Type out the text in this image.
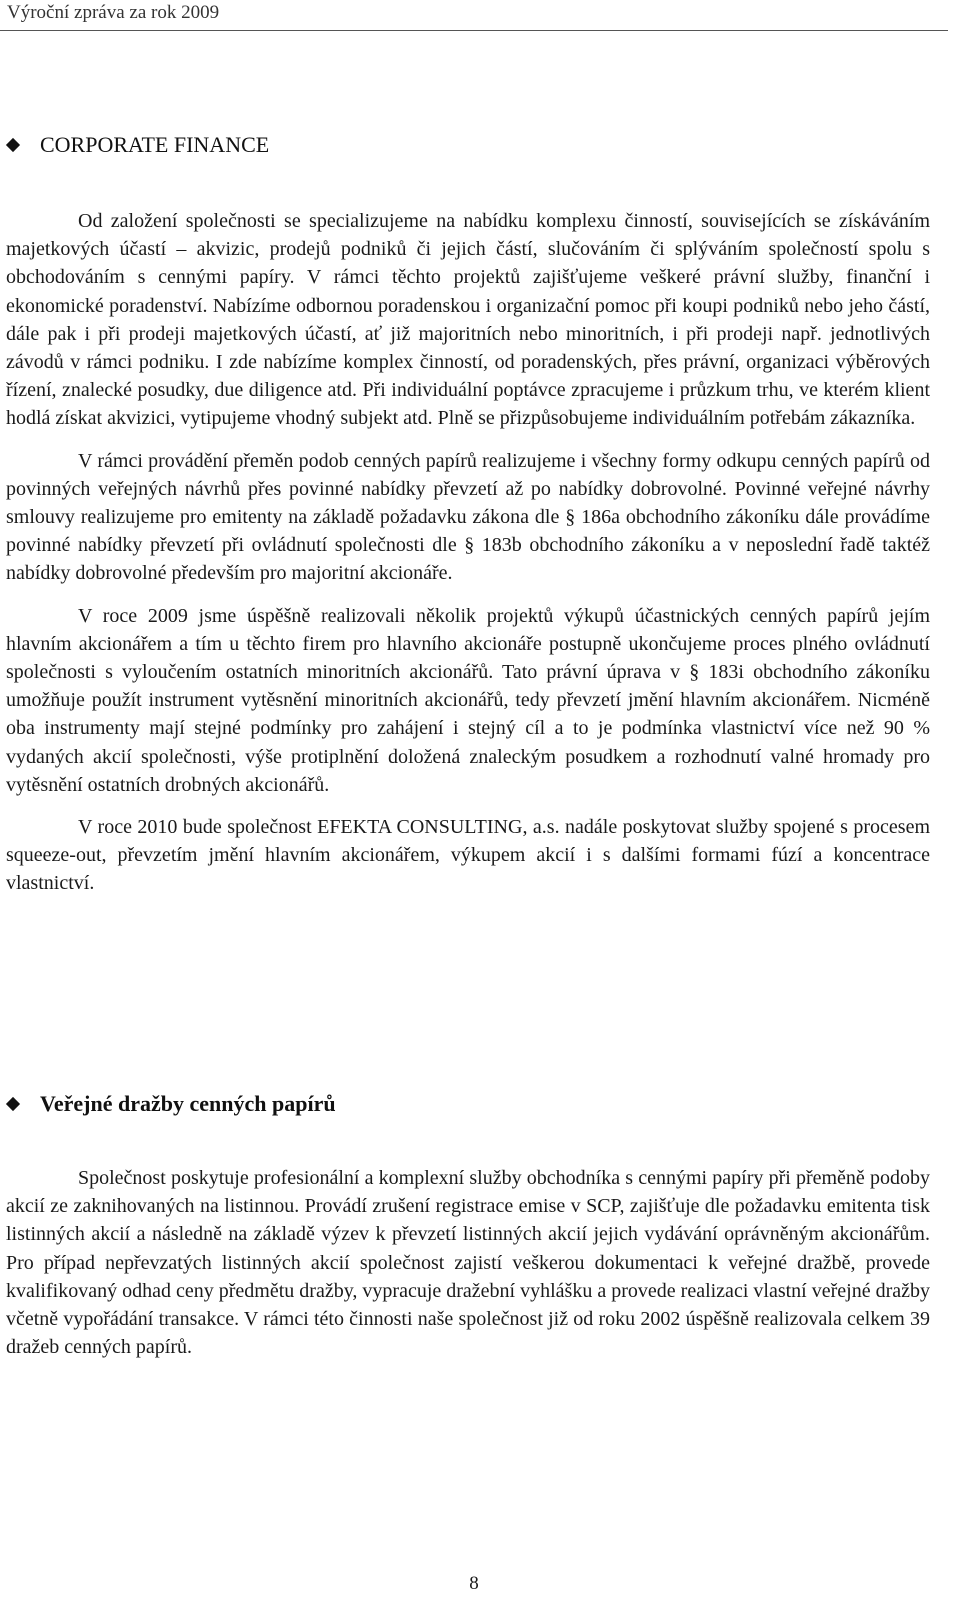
Výroční zpráva za rok 2009
CORPORATE FINANCE

Od založení společnosti se specializujeme na nabídku komplexu činností, souvisejících se získáváním majetkových účastí – akvizic, prodejů podniků či jejich částí, slučováním či splýváním společností spolu s obchodováním s cennými papíry. V rámci těchto projektů zajišťujeme veškeré právní služby, finanční i ekonomické poradenství. Nabízíme odbornou poradenskou i organizační pomoc při koupi podniků nebo jeho částí, dále pak i při prodeji majetkových účastí, ať již majoritních nebo minoritních, i při prodeji např. jednotlivých závodů v rámci podniku. I zde nabízíme komplex činností, od poradenských, přes právní, organizaci výběrových řízení, znalecké posudky, due diligence atd. Při individuální poptávce zpracujeme i průzkum trhu, ve kterém klient hodlá získat akvizici, vytipujeme vhodný subjekt atd. Plně se přizpůsobujeme individuálním potřebám zákazníka.

V rámci provádění přeměn podob cenných papírů realizujeme i všechny formy odkupu cenných papírů od povinných veřejných návrhů přes povinné nabídky převzetí až po nabídky dobrovolné. Povinné veřejné návrhy smlouvy realizujeme pro emitenty na základě požadavku zákona dle § 186a obchodního zákoníku dále provádíme povinné nabídky převzetí při ovládnutí společnosti dle § 183b obchodního zákoníku a v neposlední řadě taktéž nabídky dobrovolné především pro majoritní akcionáře.

V roce 2009 jsme úspěšně realizovali několik projektů výkupů účastnických cenných papírů jejím hlavním akcionářem a tím u těchto firem pro hlavního akcionáře postupně ukončujeme proces plného ovládnutí společnosti s vyloučením ostatních minoritních akcionářů. Tato právní úprava v § 183i obchodního zákoníku umožňuje použít instrument vytěsnění minoritních akcionářů, tedy převzetí jmění hlavním akcionářem. Nicméně oba instrumenty mají stejné podmínky pro zahájení i stejný cíl a to je podmínka vlastnictví více než 90 % vydaných akcií společnosti, výše protiplnění doložená znaleckým posudkem a rozhodnutí valné hromady pro vytěsnění ostatních drobných akcionářů.

V roce 2010 bude společnost EFEKTA CONSULTING, a.s. nadále poskytovat služby spojené s procesem squeeze-out, převzetím jmění hlavním akcionářem, výkupem akcií i s dalšími formami fúzí a koncentrace vlastnictví.

Veřejné dražby cenných papírů

Společnost poskytuje profesionální a komplexní služby obchodníka s cennými papíry při přeměně podoby akcií ze zaknihovaných na listinnou. Provádí zrušení registrace emise v SCP, zajišťuje dle požadavku emitenta tisk listinných akcií a následně na základě výzev k převzetí listinných akcií jejich vydávání oprávněným akcionářům. Pro případ nepřevzatých listinných akcií společnost zajistí veškerou dokumentaci k veřejné dražbě, provede kvalifikovaný odhad ceny předmětu dražby, vypracuje dražební vyhlášku a provede realizaci vlastní veřejné dražby včetně vypořádání transakce. V rámci této činnosti naše společnost již od roku 2002 úspěšně realizovala celkem 39 dražeb cenných papírů.

8
